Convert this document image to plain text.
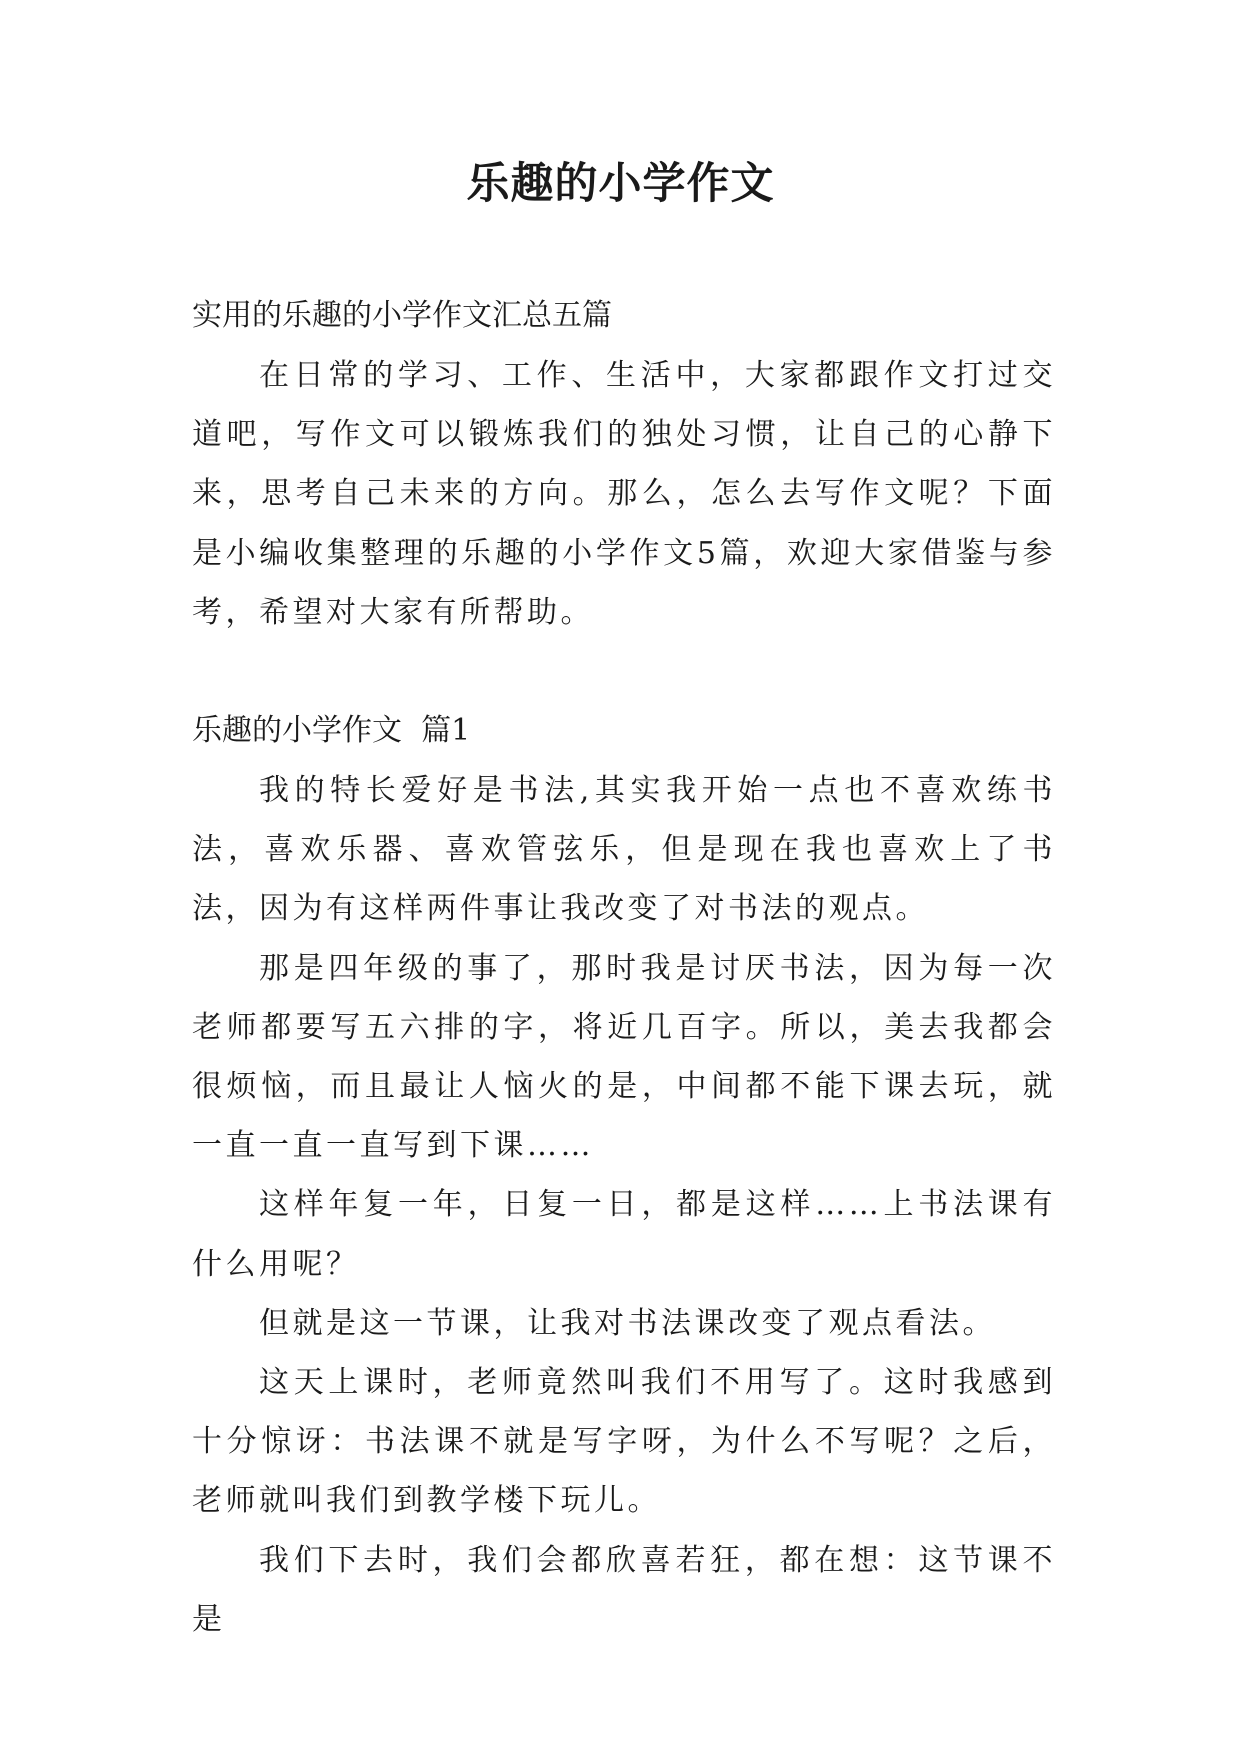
乐趣的小学作文

实用的乐趣的小学作文汇总五篇

在日常的学习、工作、生活中，大家都跟作文打过交道吧，写作文可以锻炼我们的独处习惯，让自己的心静下来，思考自己未来的方向。那么，怎么去写作文呢？下面是小编收集整理的乐趣的小学作文5篇，欢迎大家借鉴与参考，希望对大家有所帮助。

乐趣的小学作文  篇1

我的特长爱好是书法,其实我开始一点也不喜欢练书法，喜欢乐器、喜欢管弦乐，但是现在我也喜欢上了书法，因为有这样两件事让我改变了对书法的观点。

那是四年级的事了，那时我是讨厌书法，因为每一次老师都要写五六排的字，将近几百字。所以，美去我都会很烦恼，而且最让人恼火的是，中间都不能下课去玩，就一直一直一直写到下课……

这样年复一年，日复一日，都是这样……上书法课有什么用呢？

但就是这一节课，让我对书法课改变了观点看法。

这天上课时，老师竟然叫我们不用写了。这时我感到十分惊讶：书法课不就是写字呀，为什么不写呢？之后，老师就叫我们到教学楼下玩儿。

我们下去时，我们会都欣喜若狂，都在想：这节课不是
